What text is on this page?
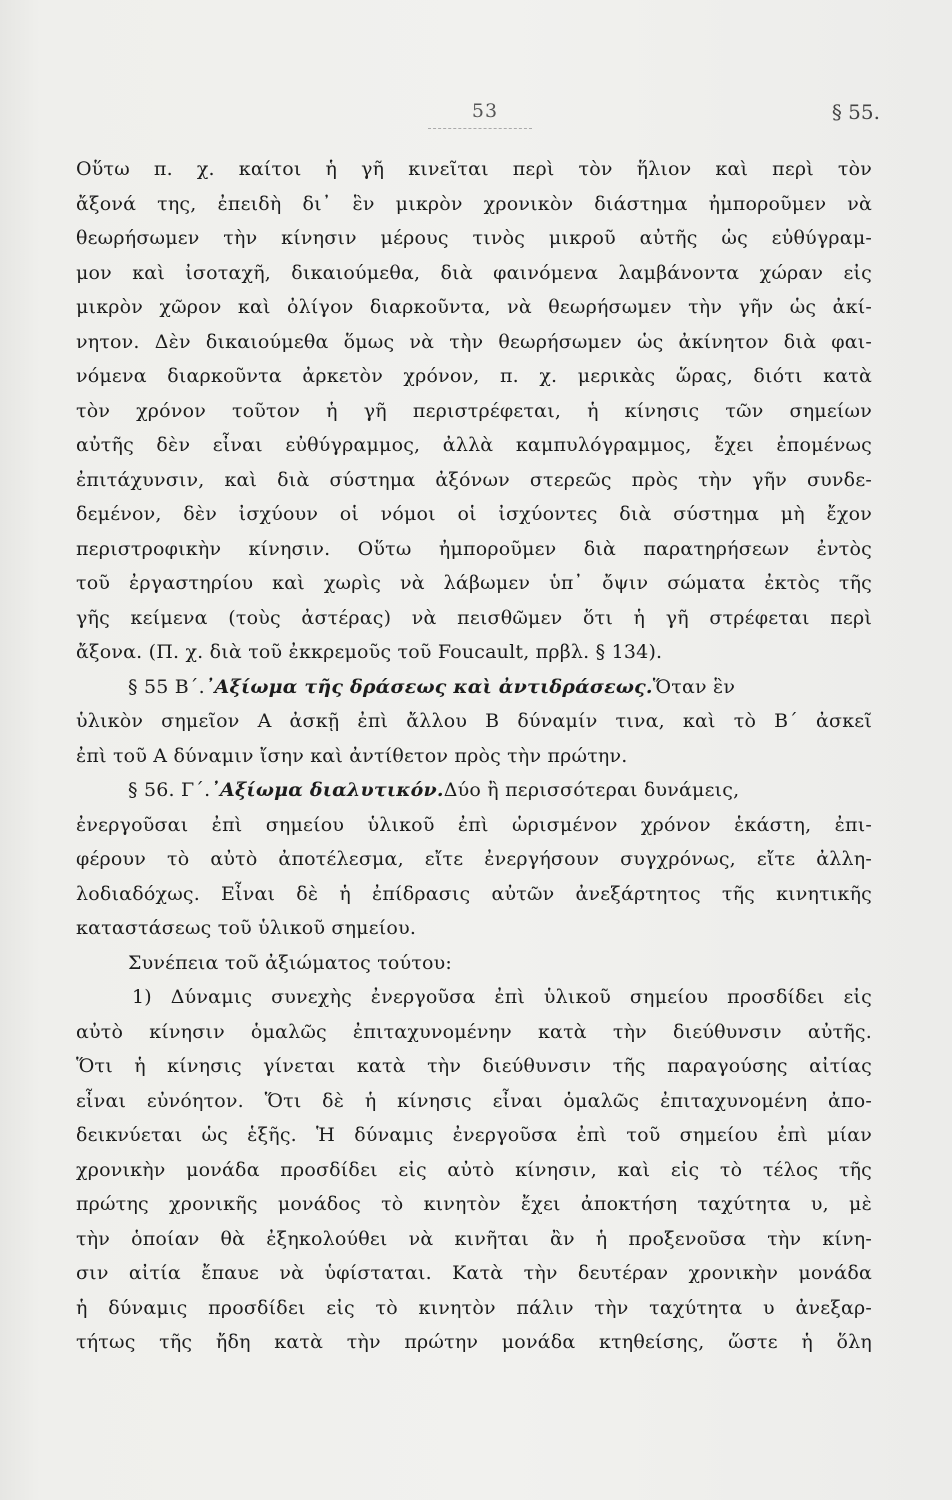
53	§ 55.
Οὕτω π. χ. καίτοι ἡ γῆ κινεῖται περὶ τὸν ἥλιον καὶ περὶ τὸν
ἄξονά της, ἐπειδὴ δι᾽ ἓν μικρὸν χρονικὸν διάστημα ἠμποροῦμεν νὰ
θεωρήσωμεν τὴν κίνησιν μέρους τινὸς μικροῦ αὐτῆς ὡς εὐθύγραμ-
μον καὶ ἰσοταχῆ, δικαιούμεθα, διὰ φαινόμενα λαμβάνοντα χώραν εἰς
μικρὸν χῶρον καὶ ὀλίγον διαρκοῦντα, νὰ θεωρήσωμεν τὴν γῆν ὡς ἀκί-
νητον. Δὲν δικαιούμεθα ὅμως νὰ τὴν θεωρήσωμεν ὡς ἀκίνητον διὰ φαι-
νόμενα διαρκοῦντα ἀρκετὸν χρόνον, π. χ. μερικὰς ὥρας, διότι κατὰ
τὸν χρόνον τοῦτον ἡ γῆ περιστρέφεται, ἡ κίνησις τῶν σημείων
αὐτῆς δὲν εἶναι εὐθύγραμμος, ἀλλὰ καμπυλόγραμμος, ἔχει ἐπομένως
ἐπιτάχυνσιν, καὶ διὰ σύστημα ἀξόνων στερεῶς πρὸς τὴν γῆν συνδε-
δεμένον, δὲν ἰσχύουν οἱ νόμοι οἱ ἰσχύοντες διὰ σύστημα μὴ ἔχον
περιστροφικὴν κίνησιν. Οὕτω ἠμποροῦμεν διὰ παρατηρήσεων ἐντὸς
τοῦ ἐργαστηρίου καὶ χωρὶς νὰ λάβωμεν ὑπ᾽ ὄψιν σώματα ἐκτὸς τῆς
γῆς κείμενα (τοὺς ἀστέρας) νὰ πεισθῶμεν ὅτι ἡ γῆ στρέφεται περὶ
ἄξονα. (Π. χ. διὰ τοῦ ἐκκρεμοῦς τοῦ Foucault, πρβλ. § 134).
§ 55 Β΄. ᾿Αξίωμα τῆς δράσεως καὶ ἀντιδράσεως. Ὅταν ἓν
ὑλικὸν σημεῖον Α ἀσκῇ ἐπὶ ἄλλου Β δύναμίν τινα, καὶ τὸ Β΄ ἀσκεῖ
ἐπὶ τοῦ Α δύναμιν ἴσην καὶ ἀντίθετον πρὸς τὴν πρώτην.
§ 56. Γ΄. ᾿Αξίωμα διαλυτικόν. Δύο ἢ περισσότεραι δυνάμεις,
ἐνεργοῦσαι ἐπὶ σημείου ὑλικοῦ ἐπὶ ὡρισμένον χρόνον ἑκάστη, ἐπι-
φέρουν τὸ αὐτὸ ἀποτέλεσμα, εἴτε ἐνεργήσουν συγχρόνως, εἴτε ἀλλη-
λοδιαδόχως. Εἶναι δὲ ἡ ἐπίδρασις αὐτῶν ἀνεξάρτητος τῆς κινητικῆς
καταστάσεως τοῦ ὑλικοῦ σημείου.
Συνέπεια τοῦ ἀξιώματος τούτου:
1) Δύναμις συνεχὴς ἐνεργοῦσα ἐπὶ ὑλικοῦ σημείου προσδίδει εἰς
αὐτὸ κίνησιν ὁμαλῶς ἐπιταχυνομένην κατὰ τὴν διεύθυνσιν αὐτῆς.
Ὅτι ἡ κίνησις γίνεται κατὰ τὴν διεύθυνσιν τῆς παραγούσης αἰτίας
εἶναι εὐνόητον. Ὅτι δὲ ἡ κίνησις εἶναι ὁμαλῶς ἐπιταχυνομένη ἀπο-
δεικνύεται ὡς ἑξῆς. Ἡ δύναμις ἐνεργοῦσα ἐπὶ τοῦ σημείου ἐπὶ μίαν
χρονικὴν μονάδα προσδίδει εἰς αὐτὸ κίνησιν, καὶ εἰς τὸ τέλος τῆς
πρώτης χρονικῆς μονάδος τὸ κινητὸν ἔχει ἀποκτήση ταχύτητα υ, μὲ
τὴν ὁποίαν θὰ ἐξηκολούθει νὰ κινῆται ἂν ἡ προξενοῦσα τὴν κίνη-
σιν αἰτία ἔπαυε νὰ ὑφίσταται. Κατὰ τὴν δευτέραν χρονικὴν μονάδα
ἡ δύναμις προσδίδει εἰς τὸ κινητὸν πάλιν τὴν ταχύτητα υ ἀνεξαρ-
τήτως τῆς ἤδη κατὰ τὴν πρώτην μονάδα κτηθείσης, ὥστε ἡ ὅλη
